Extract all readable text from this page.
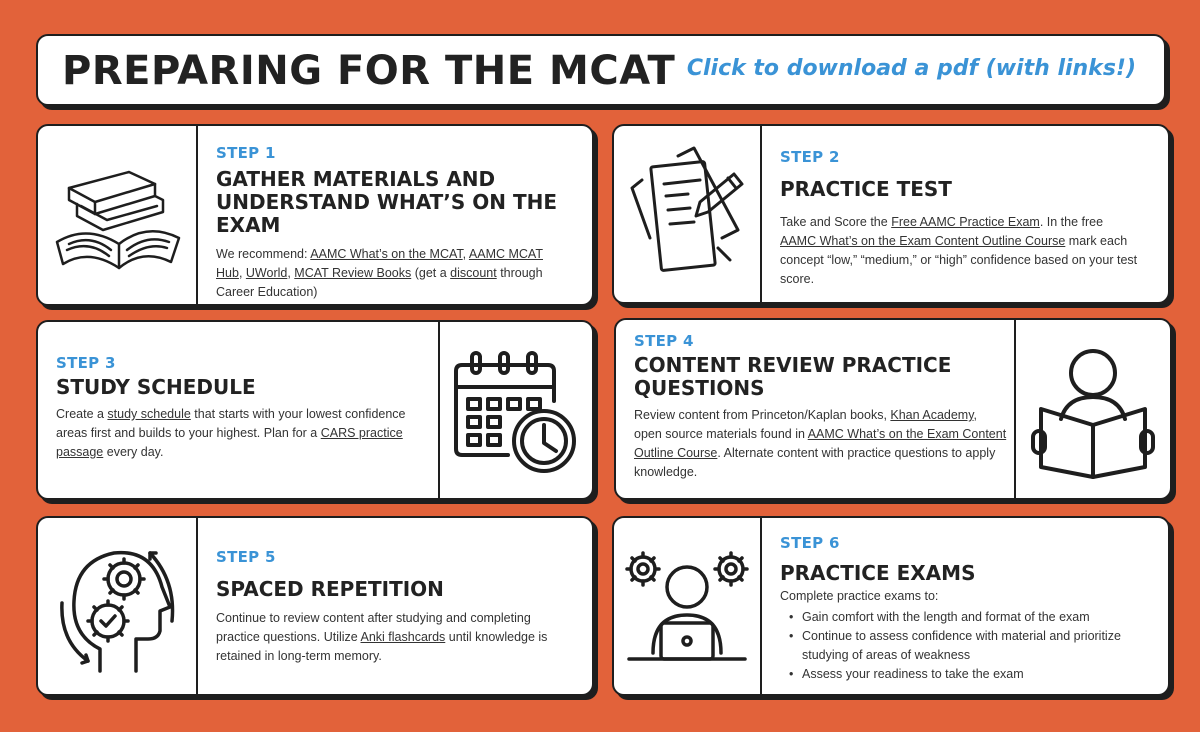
PREPARING FOR THE MCAT Click to download a pdf (with links!)
STEP 1
GATHER MATERIALS AND UNDERSTAND WHAT’S ON THE EXAM
We recommend: AAMC What’s on the MCAT, AAMC MCAT Hub, UWorld, MCAT Review Books (get a discount through Career Education)
STEP 2
PRACTICE TEST
Take and Score the Free AAMC Practice Exam. In the free AAMC What’s on the Exam Content Outline Course mark each concept “low,” “medium,” or “high” confidence based on your test score.
STEP 3
STUDY SCHEDULE
Create a study schedule that starts with your lowest confidence areas first and builds to your highest. Plan for a CARS practice passage every day.
STEP 4
CONTENT REVIEW PRACTICE QUESTIONS
Review content from Princeton/Kaplan books, Khan Academy, open source materials found in AAMC What’s on the Exam Content Outline Course. Alternate content with practice questions to apply knowledge.
STEP 5
SPACED REPETITION
Continue to review content after studying and completing practice questions. Utilize Anki flashcards until knowledge is retained in long-term memory.
STEP 6
PRACTICE EXAMS
Complete practice exams to:
• Gain comfort with the length and format of the exam
• Continue to assess confidence with material and prioritize studying of areas of weakness
• Assess your readiness to take the exam
